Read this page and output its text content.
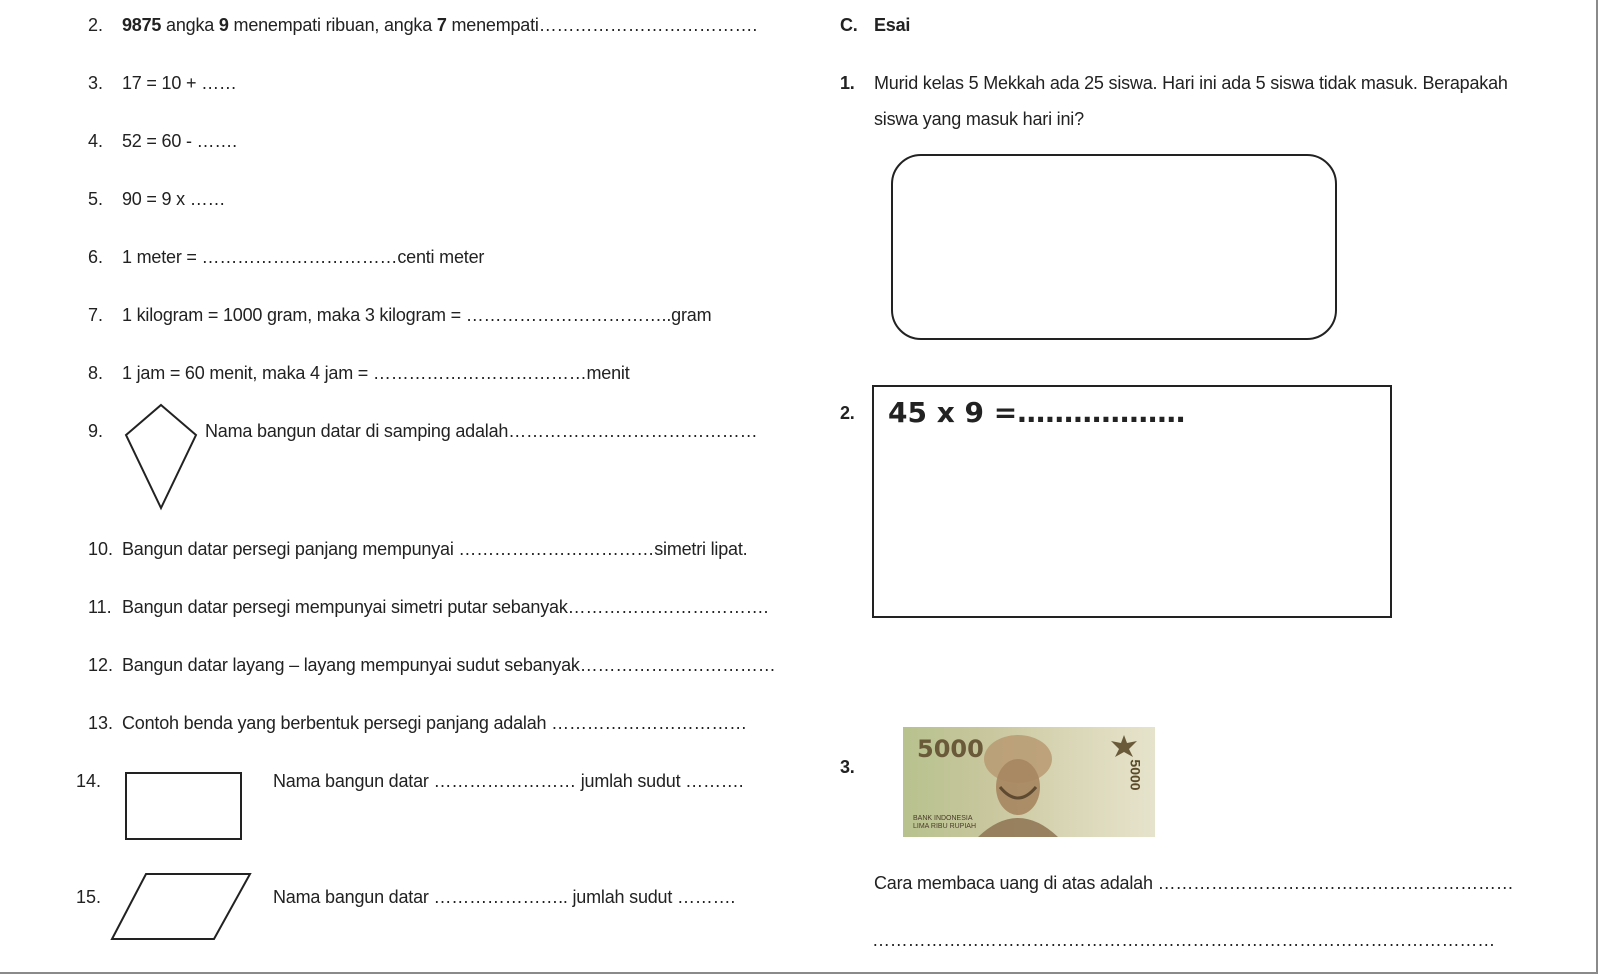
2. 9875 angka 9 menempati ribuan, angka 7 menempati……………………………….
3. 17 = 10 + ……
4. 52 = 60 - …….
5. 90 = 9 x ……
6. 1 meter = ……………………………centi meter
7. 1 kilogram = 1000 gram, maka 3 kilogram = ……………………………..gram
8. 1 jam = 60 menit, maka 4 jam = ………………………………menit
9.	Nama bangun datar di samping adalah……………………………………
10. Bangun datar persegi panjang mempunyai ……………………………simetri lipat.
11. Bangun datar persegi mempunyai simetri putar sebanyak…………………………….
12. Bangun datar layang – layang mempunyai sudut sebanyak……………………………
13. Contoh benda yang berbentuk persegi panjang adalah ……………………………
14.	Nama bangun datar …………………… jumlah sudut ……….
15.	Nama bangun datar ………………….. jumlah sudut ……….
C. Esai
1. Murid kelas 5 Mekkah ada 25 siswa. Hari ini ada 5 siswa tidak masuk. Berapakah
siswa yang masuk hari ini?
2. 45 x 9 =………………
3.
5000
5000
BANK INDONESIA
LIMA RIBU RUPIAH
Cara membaca uang di atas adalah ……………………………………………………
……………………………………………………………………………………………
